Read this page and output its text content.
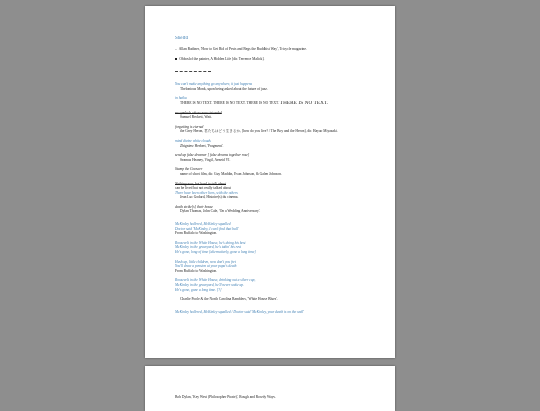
Shelfd
– Allan Badiner, 'How to Get Rid of Pests and Begs the Buddhist Way', Tricycle magazine.
Obboslof the painter, A Hidden Life [dir. Terrence Malick].
You can't make anything go anywhere, it just happens
Thelonious Monk, upon being asked about the future of jazz.
in haiku
THERE IS NO TEXT. THERE IS NO TEXT. THERE IS NO TEXT. THERE IS NO TEXT.
no symbols where none intended
Samuel Beckett, Watt.
forgetting is eternal
the Grey Heron, 君たちはどう生きるか, [how do you live? / The Boy and the Heron], dir. Hayao Miyazaki.
mind divine white clouds
Zbigniew Herbert, 'Fragment'.
send up false dreamer [ false dreams together rose]
Seamus Heaney, Virgil, Aeneid VI.
Stamp the Gooseer
name of short film, dir. Guy Maddin, Evan Johnson, & Galen Johnson.
Nothing new, but hard to talk about
can be lived but not really talked about
There have been other lives, with the others
Jean Luc Godard, Histoire(s) du cinema.
death strike[s] their house
Dylan Thomas, John Cale, 'On a Wedding Anniversary'.
McKinley hollered, McKinley squalled
Doctor said 'McKinley, I can't find that ball'
From Buffalo to Washington.
Roosevelt in the White House, he's doing his best
McKinley in the graveyard, he's takin' his rest
He's gone, long of time [alternatively, gone a long time]
Hush up, little children, now don't you fret
You'll draw a pension at your papa's death
From Buffalo to Washington.
Roosevelt in the White House, drinking out a silver cup,
McKinley in the graveyard, he'll never wake up.
He's gone, gone a long time. [?]
Charlie Poole & the North Carolina Ramblers, 'White House Blues'.
McKinley hollered, McKinley squalled / Doctor said 'McKinley, your death is on the wall'
Bob Dylan, 'Key West (Philosopher Pirate)', Rough and Rowdy Ways.
